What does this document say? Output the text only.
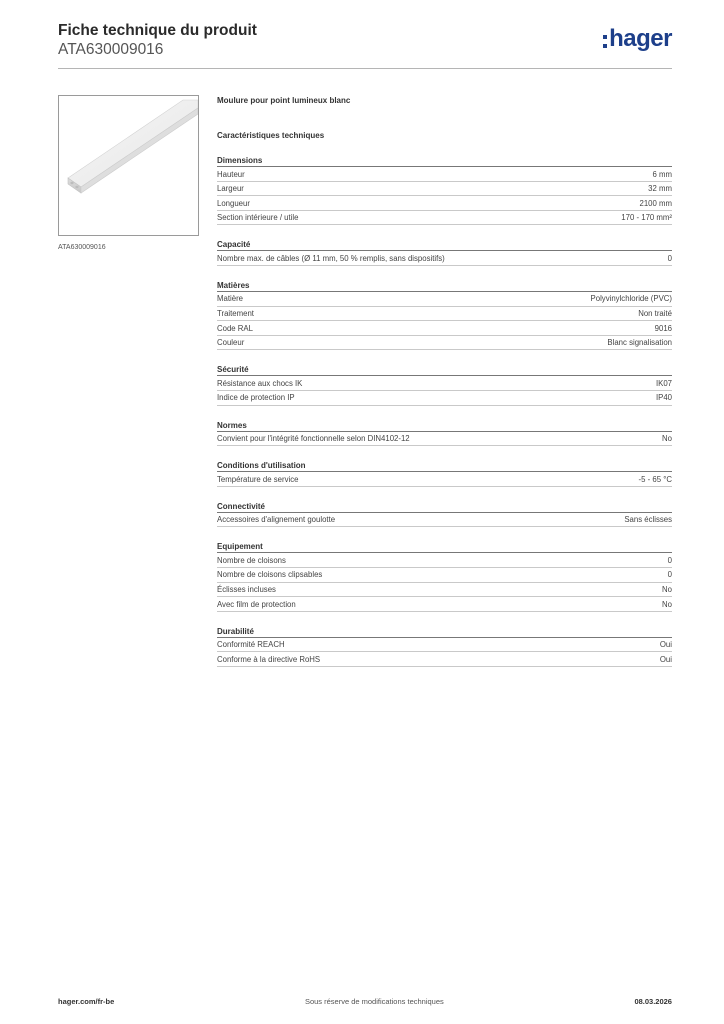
Fiche technique du produit
ATA630009016	hager
ATA630009016
Moulure pour point lumineux blanc
Caractéristiques techniques
Dimensions
Hauteur	6 mm
Largeur	32 mm
Longueur	2100 mm
Section intérieure / utile	170 - 170 mm²
Capacité
Nombre max. de câbles (Ø 11 mm, 50 % remplis, sans dispositifs)	0
Matières
Matière	Polyvinylchloride (PVC)
Traitement	Non traité
Code RAL	9016
Couleur	Blanc signalisation
Sécurité
Résistance aux chocs IK	IK07
Indice de protection IP	IP40
Normes
Convient pour l'intégrité fonctionnelle selon DIN4102-12	No
Conditions d'utilisation
Température de service	-5 - 65 °C
Connectivité
Accessoires d'alignement goulotte	Sans éclisses
Equipement
Nombre de cloisons	0
Nombre de cloisons clipsables	0
Éclisses incluses	No
Avec film de protection	No
Durabilité
Conformité REACH	Oui
Conforme à la directive RoHS	Oui
hager.com/fr-be	Sous réserve de modifications techniques	08.03.2026
